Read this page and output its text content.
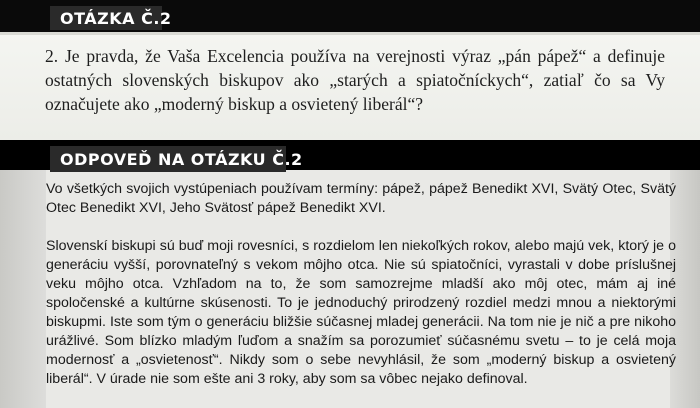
OTÁZKA Č.2
2. Je pravda, že Vaša Excelencia používa na verejnosti výraz „pán pápež“ a definuje ostatných slovenských biskupov ako „starých a spiatočníckych“, zatiaľ čo sa Vy označujete ako „moderný biskup a osvietený liberál“?
ODPOVEĎ NA OTÁZKU Č.2
Vo všetkých svojich vystúpeniach používam termíny: pápež, pápež Benedikt XVI, Svätý Otec, Svätý Otec Benedikt XVI, Jeho Svätosť pápež Benedikt XVI.
Slovenskí biskupi sú buď moji rovesníci, s rozdielom len niekoľkých rokov, alebo majú vek, ktorý je o generáciu vyšší, porovnateľný s vekom môjho otca. Nie sú spiatočníci, vyrastali v dobe príslušnej veku môjho otca. Vzhľadom na to, že som samozrejme mladší ako môj otec, mám aj iné spoločenské a kultúrne skúsenosti. To je jednoduchý prirodzený rozdiel medzi mnou a niektorými biskupmi. Iste som tým o generáciu bližšie súčasnej mladej generácii. Na tom nie je nič a pre nikoho urážlivé. Som blízko mladým ľuďom a snažím sa porozumieť súčasnému svetu – to je celá moja modernosť a „osvietenosť“. Nikdy som o sebe nevyhlásil, že som „moderný biskup a osvietený liberál“. V úrade nie som ešte ani 3 roky, aby som sa vôbec nejako definoval.
